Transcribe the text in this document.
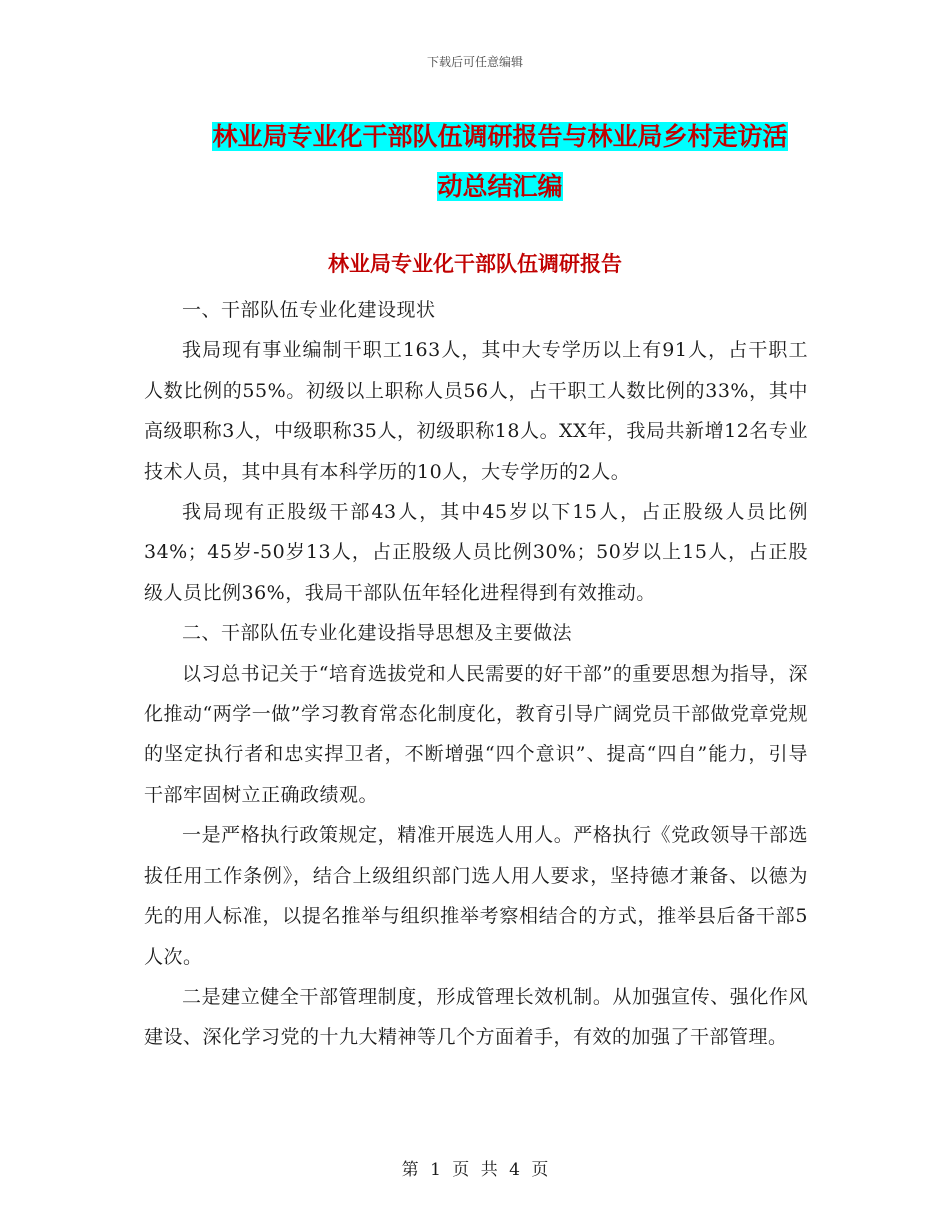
下载后可任意编辑
林业局专业化干部队伍调研报告与林业局乡村走访活
动总结汇编
林业局专业化干部队伍调研报告

一、干部队伍专业化建设现状

我局现有事业编制干职工163人，其中大专学历以上有91人，占干职工人数比例的55%。初级以上职称人员56人，占干职工人数比例的33%，其中高级职称3人，中级职称35人，初级职称18人。XX年，我局共新增12名专业技术人员，其中具有本科学历的10人，大专学历的2人。

我局现有正股级干部43人，其中45岁以下15人，占正股级人员比例34%；45岁-50岁13人，占正股级人员比例30%；50岁以上15人，占正股级人员比例36%，我局干部队伍年轻化进程得到有效推动。

二、干部队伍专业化建设指导思想及主要做法

以习总书记关于“培育选拔党和人民需要的好干部”的重要思想为指导，深化推动“两学一做”学习教育常态化制度化，教育引导广阔党员干部做党章党规的坚定执行者和忠实捍卫者，不断增强“四个意识”、提高“四自”能力，引导干部牢固树立正确政绩观。

一是严格执行政策规定，精准开展选人用人。严格执行《党政领导干部选拔任用工作条例》，结合上级组织部门选人用人要求，坚持德才兼备、以德为先的用人标准，以提名推举与组织推举考察相结合的方式，推举县后备干部5人次。

二是建立健全干部管理制度，形成管理长效机制。从加强宣传、强化作风建设、深化学习党的十九大精神等几个方面着手，有效的加强了干部管理。

第 1 页 共 4 页
